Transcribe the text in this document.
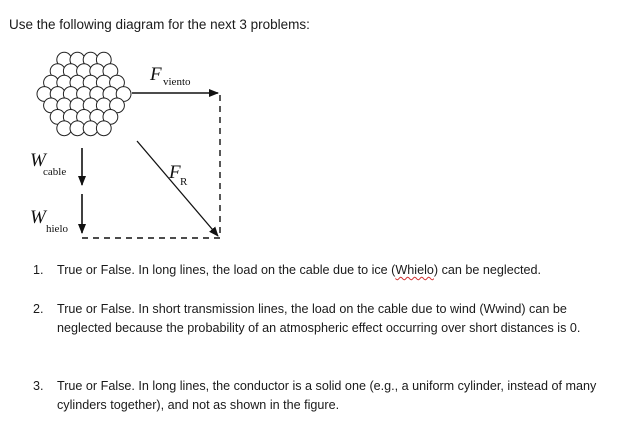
Use the following diagram for the next 3 problems:
F viento
W
cable
W
hielo
F R
1.	True or False. In long lines, the load on the cable due to ice (Whielo) can be neglected.
2.	True or False. In short transmission lines, the load on the cable due to wind (Wwind) can be neglected because the probability of an atmospheric effect occurring over short distances is 0.
3.	True or False. In long lines, the conductor is a solid one (e.g., a uniform cylinder, instead of many cylinders together), and not as shown in the figure.
